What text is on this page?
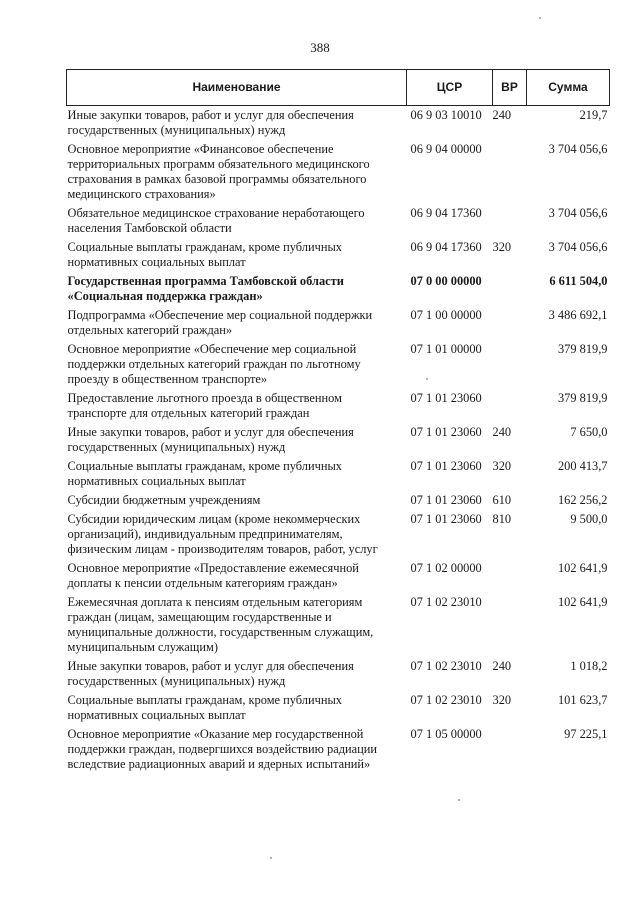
388
Наименование	ЦСР	ВР	Сумма
Иные закупки товаров, работ и услуг для обеспечения государственных (муниципальных) нужд	06 9 03 10010	240	219,7
Основное мероприятие «Финансовое обеспечение территориальных программ обязательного медицинского страхования в рамках базовой программы обязательного медицинского страхования»	06 9 04 00000		3 704 056,6
Обязательное медицинское страхование неработающего населения Тамбовской области	06 9 04 17360		3 704 056,6
Социальные выплаты гражданам, кроме публичных нормативных социальных выплат	06 9 04 17360	320	3 704 056,6
Государственная программа Тамбовской области «Социальная поддержка граждан»	07 0 00 00000		6 611 504,0
Подпрограмма «Обеспечение мер социальной поддержки отдельных категорий граждан»	07 1 00 00000		3 486 692,1
Основное мероприятие «Обеспечение мер социальной поддержки отдельных категорий граждан по льготному проезду в общественном транспорте»	07 1 01 00000		379 819,9
Предоставление льготного проезда в общественном транспорте для отдельных категорий граждан	07 1 01 23060		379 819,9
Иные закупки товаров, работ и услуг для обеспечения государственных (муниципальных) нужд	07 1 01 23060	240	7 650,0
Социальные выплаты гражданам, кроме публичных нормативных социальных выплат	07 1 01 23060	320	200 413,7
Субсидии бюджетным учреждениям	07 1 01 23060	610	162 256,2
Субсидии юридическим лицам (кроме некоммерческих организаций), индивидуальным предпринимателям, физическим лицам - производителям товаров, работ, услуг	07 1 01 23060	810	9 500,0
Основное мероприятие «Предоставление ежемесячной доплаты к пенсии отдельным категориям граждан»	07 1 02 00000		102 641,9
Ежемесячная доплата к пенсиям отдельным категориям граждан (лицам, замещающим государственные и муниципальные должности, государственным служащим, муниципальным служащим)	07 1 02 23010		102 641,9
Иные закупки товаров, работ и услуг для обеспечения государственных (муниципальных) нужд	07 1 02 23010	240	1 018,2
Социальные выплаты гражданам, кроме публичных нормативных социальных выплат	07 1 02 23010	320	101 623,7
Основное мероприятие «Оказание мер государственной поддержки граждан, подвергшихся воздействию радиации вследствие радиационных аварий и ядерных испытаний»	07 1 05 00000		97 225,1
